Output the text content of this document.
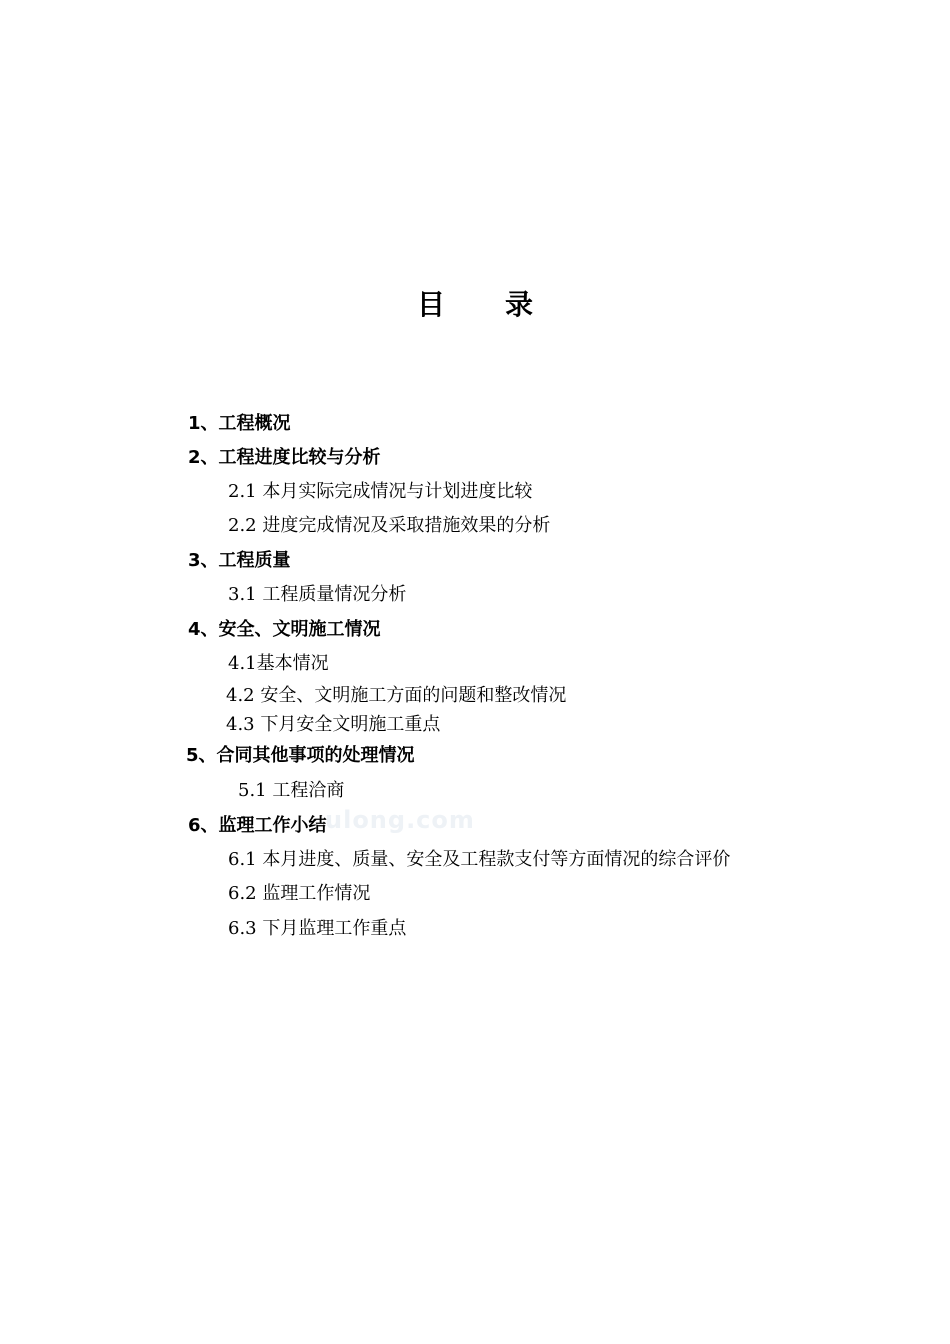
目 录
1、工程概况
2、工程进度比较与分析
2.1 本月实际完成情况与计划进度比较
2.2 进度完成情况及采取措施效果的分析
3、工程质量
3.1 工程质量情况分析
4、安全、文明施工情况
4.1基本情况
4.2 安全、文明施工方面的问题和整改情况
4.3 下月安全文明施工重点
5、合同其他事项的处理情况
5.1 工程洽商
ulong.com
6、监理工作小结
6.1 本月进度、质量、安全及工程款支付等方面情况的综合评价
6.2 监理工作情况
6.3 下月监理工作重点
